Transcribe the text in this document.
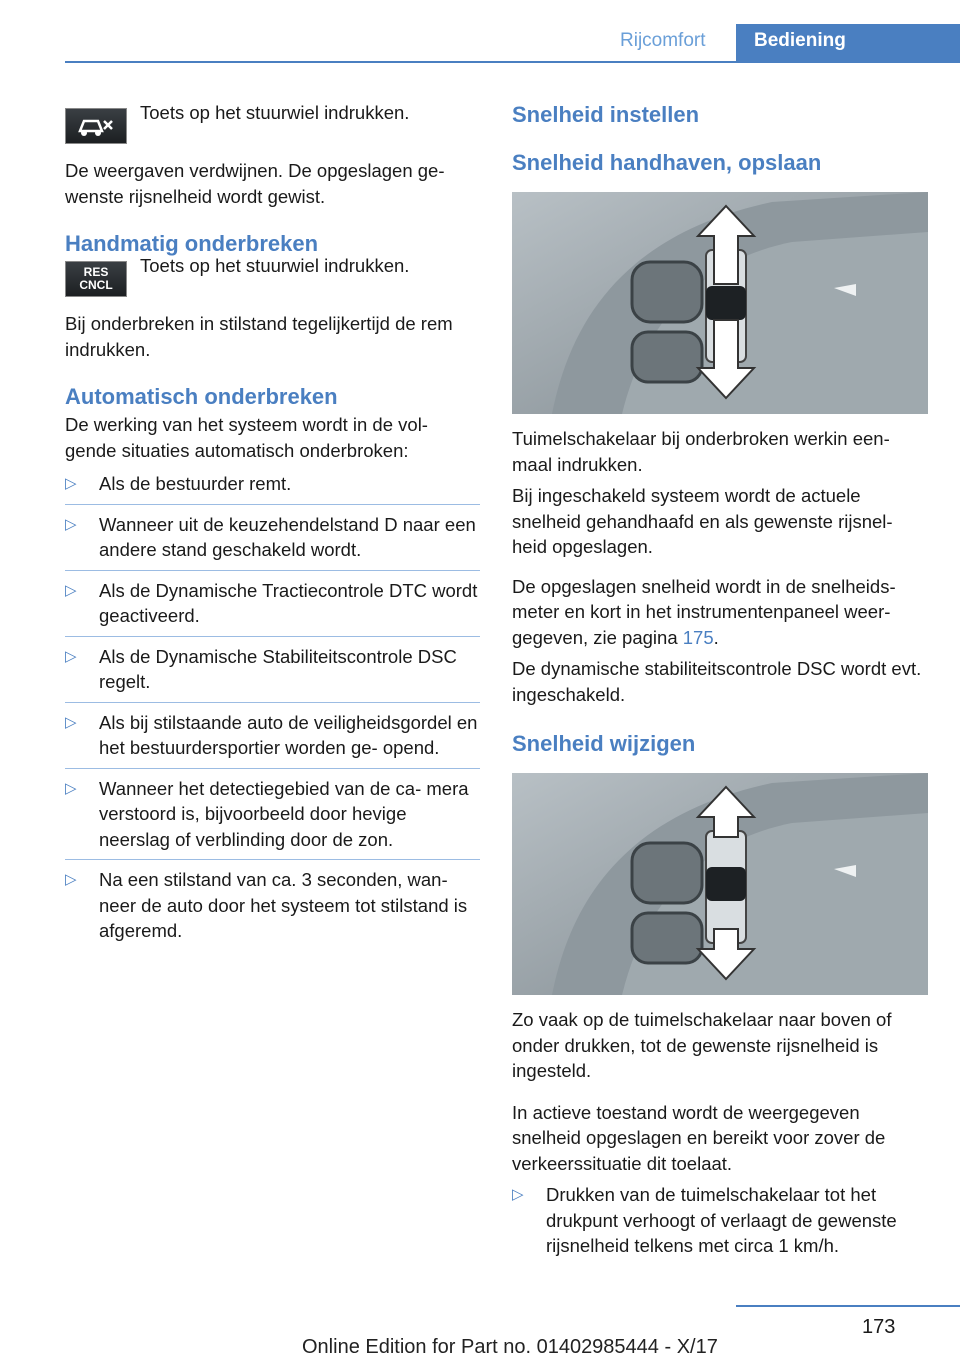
Rijcomfort	Bediening
Toets op het stuurwiel indrukken.

De weergaven verdwijnen. De opgeslagen ge‐ wenste rijsnelheid wordt gewist.

Handmatig onderbreken
RES
CNCL
Toets op het stuurwiel indrukken.

Bij onderbreken in stilstand tegelijkertijd de rem indrukken.

Automatisch onderbreken

De werking van het systeem wordt in de vol‐ gende situaties automatisch onderbroken:

▷ Als de bestuurder remt.
▷ Wanneer uit de keuzehendelstand D naar een andere stand geschakeld wordt.
▷ Als de Dynamische Tractiecontrole DTC wordt geactiveerd.
▷ Als de Dynamische Stabiliteitscontrole DSC regelt.
▷ Als bij stilstaande auto de veiligheidsgordel en het bestuurdersportier worden ge‐ opend.
▷ Wanneer het detectiegebied van de ca‐ mera verstoord is, bijvoorbeeld door hevige neerslag of verblinding door de zon.
▷ Na een stilstand van ca. 3 seconden, wan‐ neer de auto door het systeem tot stilstand is afgeremd.
Snelheid instellen
Snelheid handhaven, opslaan

Tuimelschakelaar bij onderbroken werkin een‐ maal indrukken.

Bij ingeschakeld systeem wordt de actuele snelheid gehandhaafd en als gewenste rijsnel‐ heid opgeslagen.

De opgeslagen snelheid wordt in de snelheids‐ meter en kort in het instrumentenpaneel weer‐ gegeven, zie pagina 175.

De dynamische stabiliteitscontrole DSC wordt evt. ingeschakeld.

Snelheid wijzigen

Zo vaak op de tuimelschakelaar naar boven of onder drukken, tot de gewenste rijsnelheid is ingesteld.

In actieve toestand wordt de weergegeven snelheid opgeslagen en bereikt voor zover de verkeerssituatie dit toelaat.

▷ Drukken van de tuimelschakelaar tot het drukpunt verhoogt of verlaagt de gewenste rijsnelheid telkens met circa 1 km/h.
173
Online Edition for Part no. 01402985444 - X/17
